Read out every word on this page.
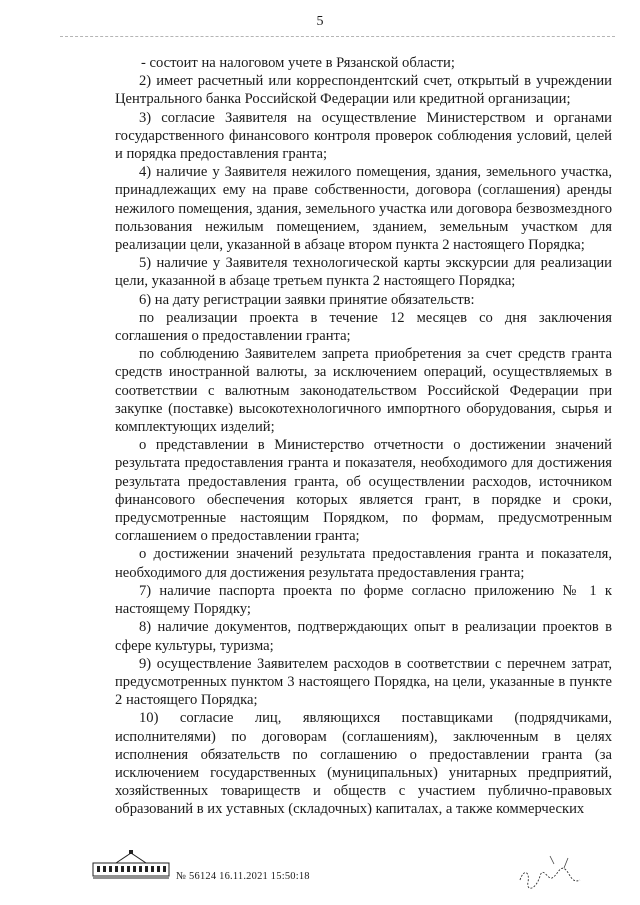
5

- состоит на налоговом учете в Рязанской области;

2) имеет расчетный или корреспондентский счет, открытый в учреждении Центрального банка Российской Федерации или кредитной организации;

3) согласие Заявителя на осуществление Министерством и органами государственного финансового контроля проверок соблюдения условий, целей и порядка предоставления гранта;

4) наличие у Заявителя нежилого помещения, здания, земельного участка, принадлежащих ему на праве собственности, договора (соглашения) аренды нежилого помещения, здания, земельного участка или договора безвозмездного пользования нежилым помещением, зданием, земельным участком для реализации цели, указанной в абзаце втором пункта 2 настоящего Порядка;

5) наличие у Заявителя технологической карты экскурсии для реализации цели, указанной в абзаце третьем пункта 2 настоящего Порядка;

6) на дату регистрации заявки принятие обязательств:

по реализации проекта в течение 12 месяцев со дня заключения соглашения о предоставлении гранта;

по соблюдению Заявителем запрета приобретения за счет средств гранта средств иностранной валюты, за исключением операций, осуществляемых в соответствии с валютным законодательством Российской Федерации при закупке (поставке) высокотехнологичного импортного оборудования, сырья и комплектующих изделий;

о представлении в Министерство отчетности о достижении значений результата предоставления гранта и показателя, необходимого для достижения результата предоставления гранта, об осуществлении расходов, источником финансового обеспечения которых является грант, в порядке и сроки, предусмотренные настоящим Порядком, по формам, предусмотренным соглашением о предоставлении гранта;

о достижении значений результата предоставления гранта и показателя, необходимого для достижения результата предоставления гранта;

7) наличие паспорта проекта по форме согласно приложению № 1 к настоящему Порядку;

8) наличие документов, подтверждающих опыт в реализации проектов в сфере культуры, туризма;

9) осуществление Заявителем расходов в соответствии с перечнем затрат, предусмотренных пунктом 3 настоящего Порядка, на цели, указанные в пункте 2 настоящего Порядка;

10) согласие лиц, являющихся поставщиками (подрядчиками, исполнителями) по договорам (соглашениям), заключенным в целях исполнения обязательств по соглашению о предоставлении гранта (за исключением государственных (муниципальных) унитарных предприятий, хозяйственных товариществ и обществ с участием публично-правовых образований в их уставных (складочных) капиталах, а также коммерческих

№ 56124 16.11.2021 15:50:18
